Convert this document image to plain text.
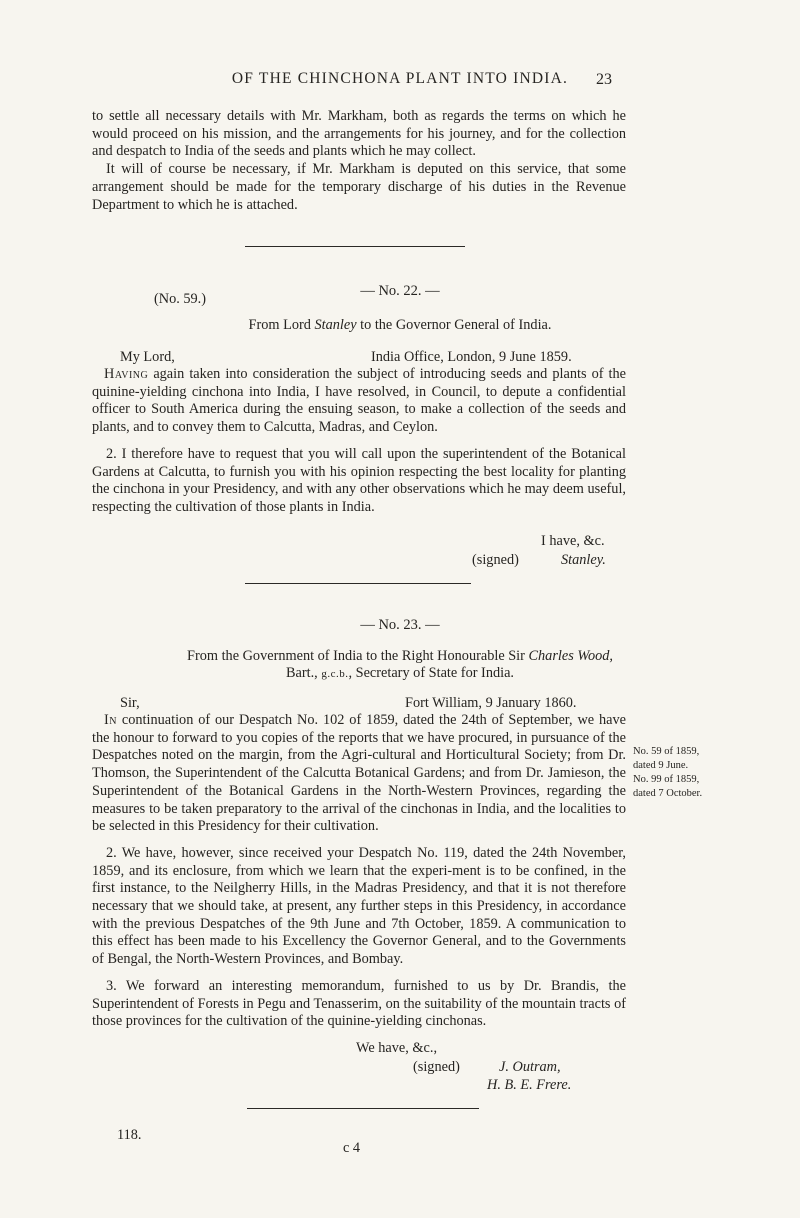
OF THE CHINCHONA PLANT INTO INDIA.	23

to settle all necessary details with Mr. Markham, both as regards the terms on which he would proceed on his mission, and the arrangements for his journey, and for the collection and despatch to India of the seeds and plants which he may collect.

It will of course be necessary, if Mr. Markham is deputed on this service, that some arrangement should be made for the temporary discharge of his duties in the Revenue Department to which he is attached.

— No. 22. —
(No. 59.)
From Lord Stanley to the Governor General of India.
My Lord,	India Office, London, 9 June 1859.

Having again taken into consideration the subject of introducing seeds and plants of the quinine-yielding cinchona into India, I have resolved, in Council, to depute a confidential officer to South America during the ensuing season, to make a collection of the seeds and plants, and to convey them to Calcutta, Madras, and Ceylon.

2. I therefore have to request that you will call upon the superintendent of the Botanical Gardens at Calcutta, to furnish you with his opinion respecting the best locality for planting the cinchona in your Presidency, and with any other observations which he may deem useful, respecting the cultivation of those plants in India.

I have, &c.
(signed)	Stanley.
— No. 23. —
From the Government of India to the Right Honourable Sir Charles Wood,
Bart., g.c.b., Secretary of State for India.
Sir,	Fort William, 9 January 1860.

In continuation of our Despatch No. 102 of 1859, dated the 24th of September, we have the honour to forward to you copies of the reports that we have procured, in pursuance of the Despatches noted on the margin, from the Agri-cultural and Horticultural Society; from Dr. Thomson, the Superintendent of the Calcutta Botanical Gardens; and from Dr. Jamieson, the Superintendent of the Botanical Gardens in the North-Western Provinces, regarding the measures to be taken preparatory to the arrival of the cinchonas in India, and the localities to be selected in this Presidency for their cultivation.

2. We have, however, since received your Despatch No. 119, dated the 24th November, 1859, and its enclosure, from which we learn that the experi-ment is to be confined, in the first instance, to the Neilgherry Hills, in the Madras Presidency, and that it is not therefore necessary that we should take, at present, any further steps in this Presidency, in accordance with the previous Despatches of the 9th June and 7th October, 1859. A communication to this effect has been made to his Excellency the Governor General, and to the Governments of Bengal, the North-Western Provinces, and Bombay.

3. We forward an interesting memorandum, furnished to us by Dr. Brandis, the Superintendent of Forests in Pegu and Tenasserim, on the suitability of the mountain tracts of those provinces for the cultivation of the quinine-yielding cinchonas.

No. 59 of 1859,
dated 9 June.
No. 99 of 1859,
dated 7 October.
We have, &c.,
(signed)	J. Outram,
H. B. E. Frere.
118.
c 4
